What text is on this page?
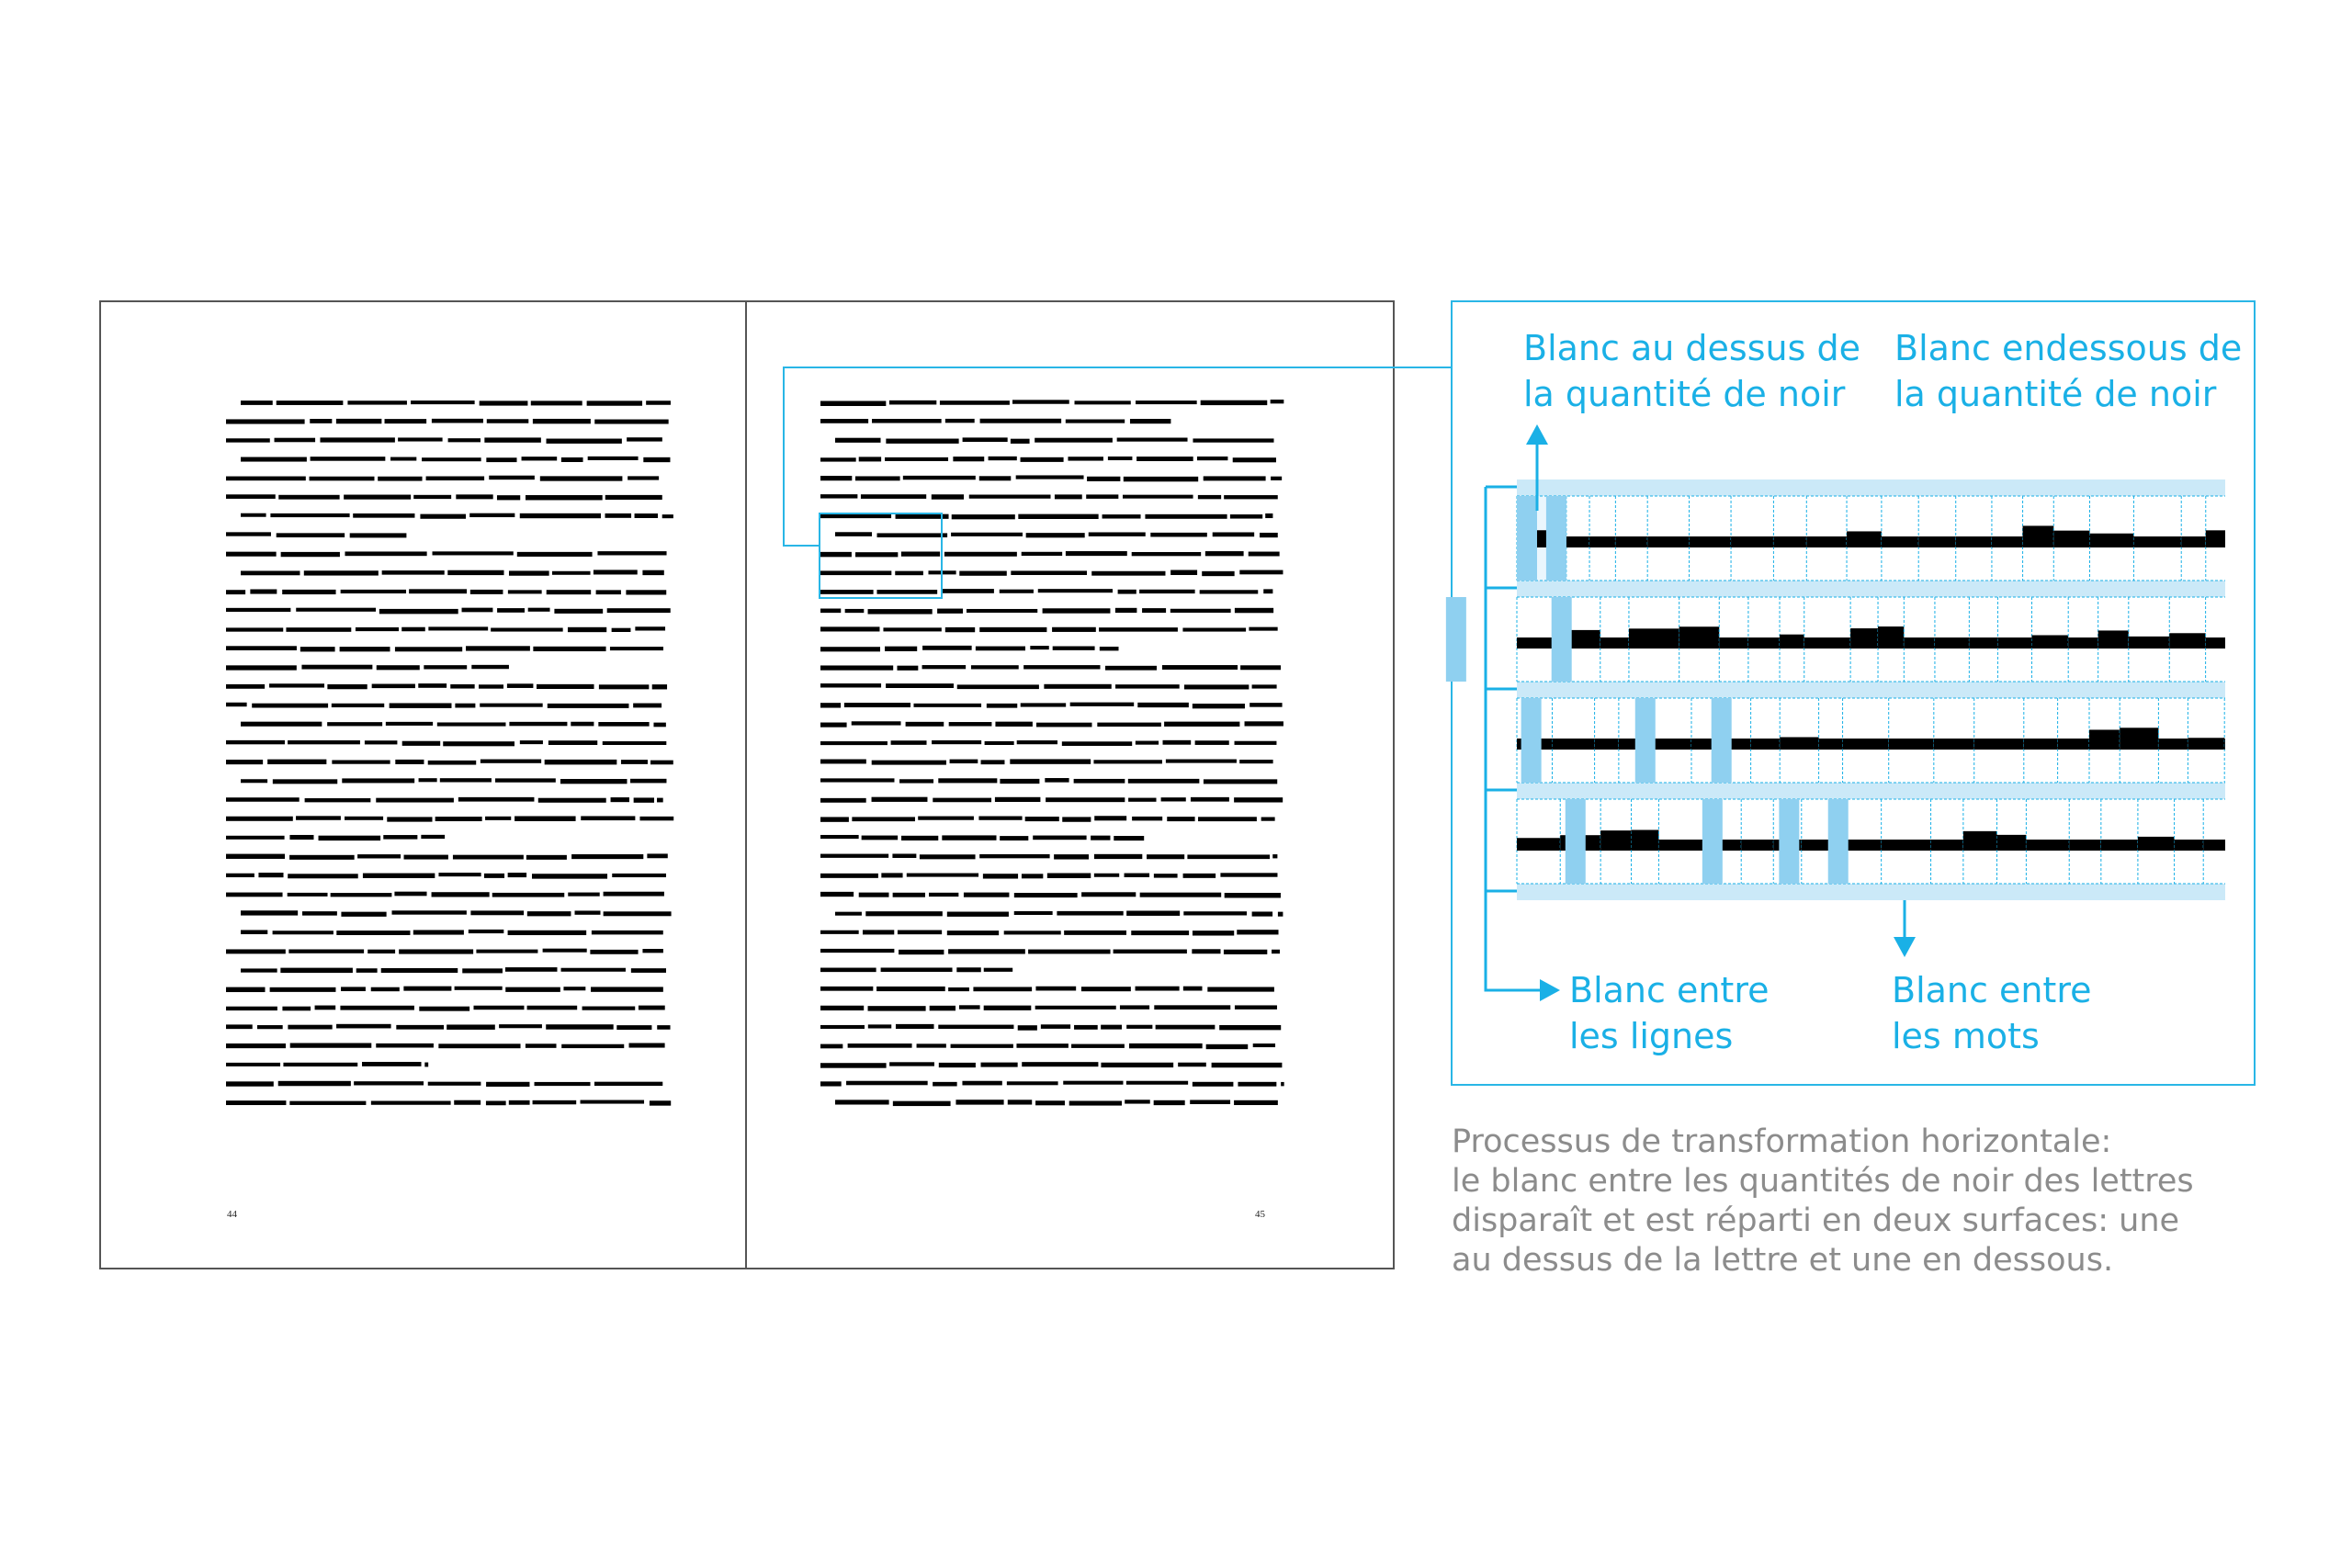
44	45
Blanc au dessus de
la quantité de noir
Blanc endessous de
la quantité de noir
Blanc entre
les lignes
Blanc entre
les mots
Processus de transformation horizontale:
le blanc entre les quantités de noir des lettres
disparaît et est réparti en deux surfaces: une
au dessus de la lettre et une en dessous.
